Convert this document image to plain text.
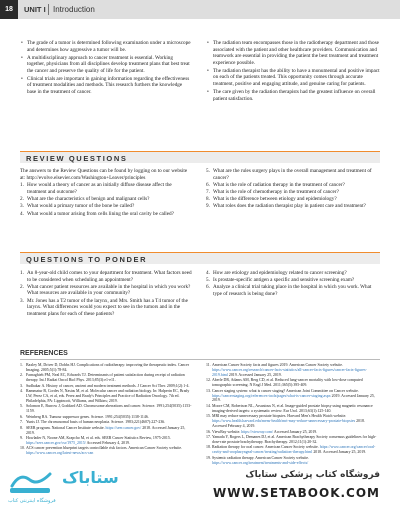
18	UNIT I Introduction
• The grade of a tumor is determined following examination under a microscope and determines how aggressive a tumor will be.
• A multidisciplinary approach to cancer treatment is essential. Working together, physicians from all disciplines develop treatment plans that best treat the cancer and preserve the quality of life for the patient.
• Clinical trials are important in gaining information regarding the effectiveness of treatment modalities and methods. This research furthers the knowledge base in the treatment of cancer.
• The radiation team encompasses those in the radiotherapy department and those associated with the patient and other healthcare providers. Communication and teamwork are essential in providing the patient the best treatment and treatment experience possible.
• The radiation therapist has the ability to have a monumental and positive impact on each of the patients treated. This opportunity comes through accurate treatment, positive and engaging attitude, and genuine caring for patients.
• The care given by the radiation therapists had the greatest influence on overall patient satisfaction.
REVIEW QUESTIONS

The answers to the Review Questions can be found by logging on to our website at: http://evolve.elsevier.com/Washington+Leaver/principles

1. How would a theory of cancer as an initially diffuse disease affect the treatment and outcome?
2. What are the characteristics of benign and malignant cells?
3. What would a primary tumor of the bone be called?
4. What would a tumor arising from cells lining the oral cavity be called?
5. What are the rules surgery plays in the overall management and treatment of cancer?
6. What is the role of radiation therapy in the treatment of cancer?
7. What is the role of chemotherapy in the treatment of cancer?
8. What is the difference between etiology and epidemiology?
9. What roles does the radiation therapist play in patient care and treatment?
QUESTIONS TO PONDER
1. An 8-year-old child comes to your department for treatment. What factors need to be considered when scheduling an appointment?
2. What cancer patient resources are available in the hospital in which you work? What resources are available in your community?
3. Mr. Jones has a T2 tumor of the larynx, and Mrs. Smith has a T4 tumor of the larynx. What differences would you expect to see in the tumors and in the treatment plans for each of these patients?
4. How are etiology and epidemiology related to cancer screening?
5. Is prostate-specific antigen a specific and sensitive screening exam?
6. Analyze a clinical trial taking place in the hospital in which you work. What type of research is being done?
REFERENCES
1. Baxley M, Driver D, Dobbs HJ. Complications of radiotherapy: improving the therapeutic index. Cancer Imaging. 2005;5(1):78-84.
2. Farnaghieh PM, Neal EC, Edwards TJ. Determinants of patient satisfaction during receipt of radiation therapy. Int J Radiat Oncol Biol Phys. 2013;85(3):e1-e11.
3. Sudhakar A. History of cancer, ancient and modern treatment methods. J Cancer Sci Ther. 2009;1(2):1-4.
4. Rammatur B, Cordes N, Nasias M, et al. Molecular cancer and radiation biology. In: Halperin EC, Brady LW, Perez CA, et al, eds. Perez and Brady's Principles and Practice of Radiation Oncology. 7th ed. Philadelphia, PA: Lippincott, Williams, and Wilkins; 2019.
5. Solomon E, Burrow J, Goddard AD. Chromosome aberrations and cancer. Science. 1991;254(5035):1153-1159.
6. Weinberg RA. Tumour suppressor genes. Science. 1991;254(5035):1138-1146.
7. Yunis JJ. The chromosomal basis of human neoplasia. Science. 1983;221(4607):227-236.
8. SEER program. National Cancer Institute website. https://seer.cancer.gov/ 2018. Accessed January 25, 2019.
9. Howlader N, Noone AM, Krapcho M, et al. eds. SEER Cancer Statistics Review, 1975-2015. https://seer.cancer.gov/csr/1975_2015/ Accessed February 4, 2019.
10. ACS cancer prevention blueprint targets controllable risk factors. American Cancer Society website. https://www.cancer.org/latest-news/acs-can
11. American Cancer Society facts and figures 2019. American Cancer Society website. https://www.cancer.org/research/cancer-facts-statistics/all-cancer-facts-figures/cancer-facts-figures-2019.html 2019. Accessed January 25, 2019.
12. Aberle DR, Adams AM, Berg CD, et al. Reduced lung-cancer mortality with low-dose computed tomographic screening. N Engl J Med. 2011;365(5):395-409.
13. Cancer staging system: what is cancer staging? American Joint Committee on Cancer website. https://cancerstaging.org/references-tools/pages/what-is-cancer-staging.aspx 2019. Accessed January 25, 2019.
14. Moore CM, Robertson NL, Arsanious N, et al. Image-guided prostate biopsy using magnetic resonance imaging-derived targets: a systematic review. Eur Urol. 2013;63(1):125-140.
15. MRI may reduce unnecessary prostate biopsies. Harvard Men's Health Watch website. https://www.health.harvard.edu/mens-health/mri-may-reduce-unnecessary-prostate-biopsies 2018. Accessed February 4, 2019.
16. ViewRay website. https://viewray.com/ Accessed January 25, 2019.
17. Yamada Y, Rogers L, Demanes DJ, et al. American Brachytherapy Society consensus guidelines for high-dose-rate prostate brachytherapy. Brachytherapy. 2012;11(1):20-32.
18. Radiation therapy for oral cancer. American Cancer Society website. https://www.cancer.org/cancer/oral-cavity-and-oropharyngeal-cancer/treating/radiation-therapy.html 2018. Accessed January 25, 2019.
19. Systemic radiation therapy. American Cancer Society website. https://www.cancer.org/treatment/treatments-and-side-effects/
ستاباک
فروشگاه اینترنتی کتاب
فروشگاه کتاب پزشکی ستاباک
WWW.SETABOOK.COM
